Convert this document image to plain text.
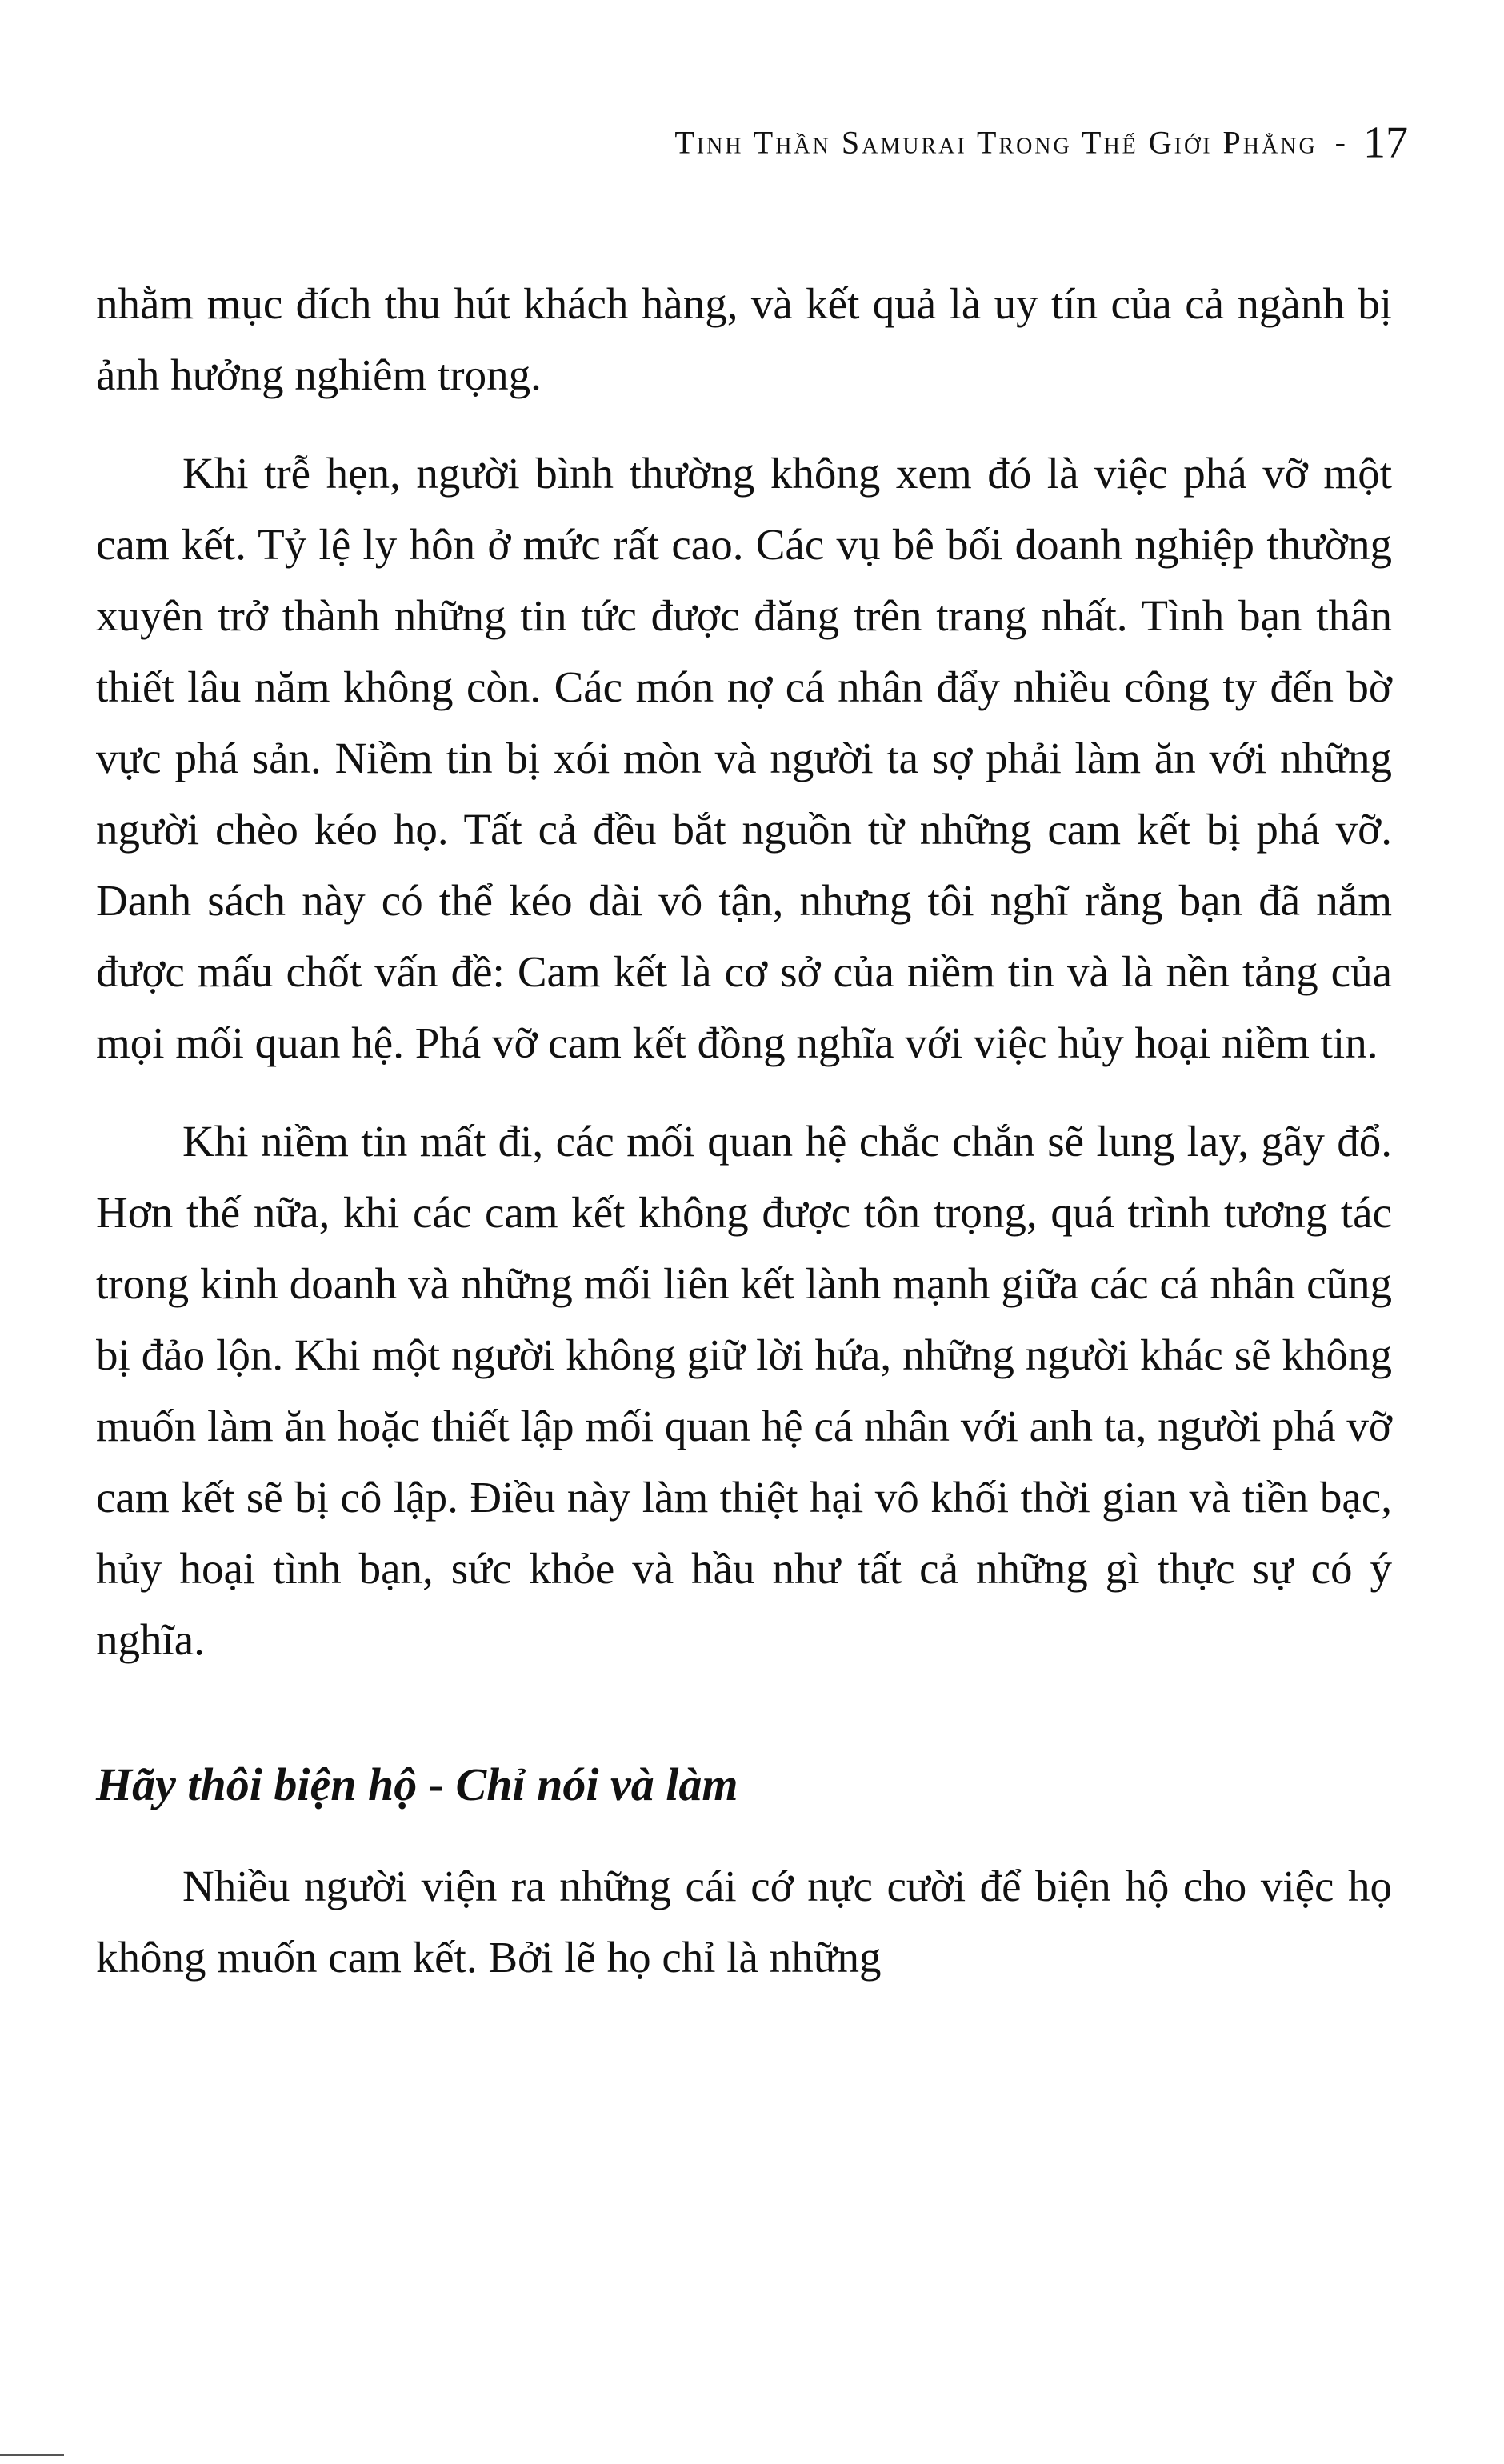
Tinh Thần Samurai Trong Thế Giới Phẳng - 17

nhằm mục đích thu hút khách hàng, và kết quả là uy tín của cả ngành bị ảnh hưởng nghiêm trọng.

Khi trễ hẹn, người bình thường không xem đó là việc phá vỡ một cam kết. Tỷ lệ ly hôn ở mức rất cao. Các vụ bê bối doanh nghiệp thường xuyên trở thành những tin tức được đăng trên trang nhất. Tình bạn thân thiết lâu năm không còn. Các món nợ cá nhân đẩy nhiều công ty đến bờ vực phá sản. Niềm tin bị xói mòn và người ta sợ phải làm ăn với những người chèo kéo họ. Tất cả đều bắt nguồn từ những cam kết bị phá vỡ. Danh sách này có thể kéo dài vô tận, nhưng tôi nghĩ rằng bạn đã nắm được mấu chốt vấn đề: Cam kết là cơ sở của niềm tin và là nền tảng của mọi mối quan hệ. Phá vỡ cam kết đồng nghĩa với việc hủy hoại niềm tin.

Khi niềm tin mất đi, các mối quan hệ chắc chắn sẽ lung lay, gãy đổ. Hơn thế nữa, khi các cam kết không được tôn trọng, quá trình tương tác trong kinh doanh và những mối liên kết lành mạnh giữa các cá nhân cũng bị đảo lộn. Khi một người không giữ lời hứa, những người khác sẽ không muốn làm ăn hoặc thiết lập mối quan hệ cá nhân với anh ta, người phá vỡ cam kết sẽ bị cô lập. Điều này làm thiệt hại vô khối thời gian và tiền bạc, hủy hoại tình bạn, sức khỏe và hầu như tất cả những gì thực sự có ý nghĩa.

Hãy thôi biện hộ - Chỉ nói và làm

Nhiều người viện ra những cái cớ nực cười để biện hộ cho việc họ không muốn cam kết. Bởi lẽ họ chỉ là những
